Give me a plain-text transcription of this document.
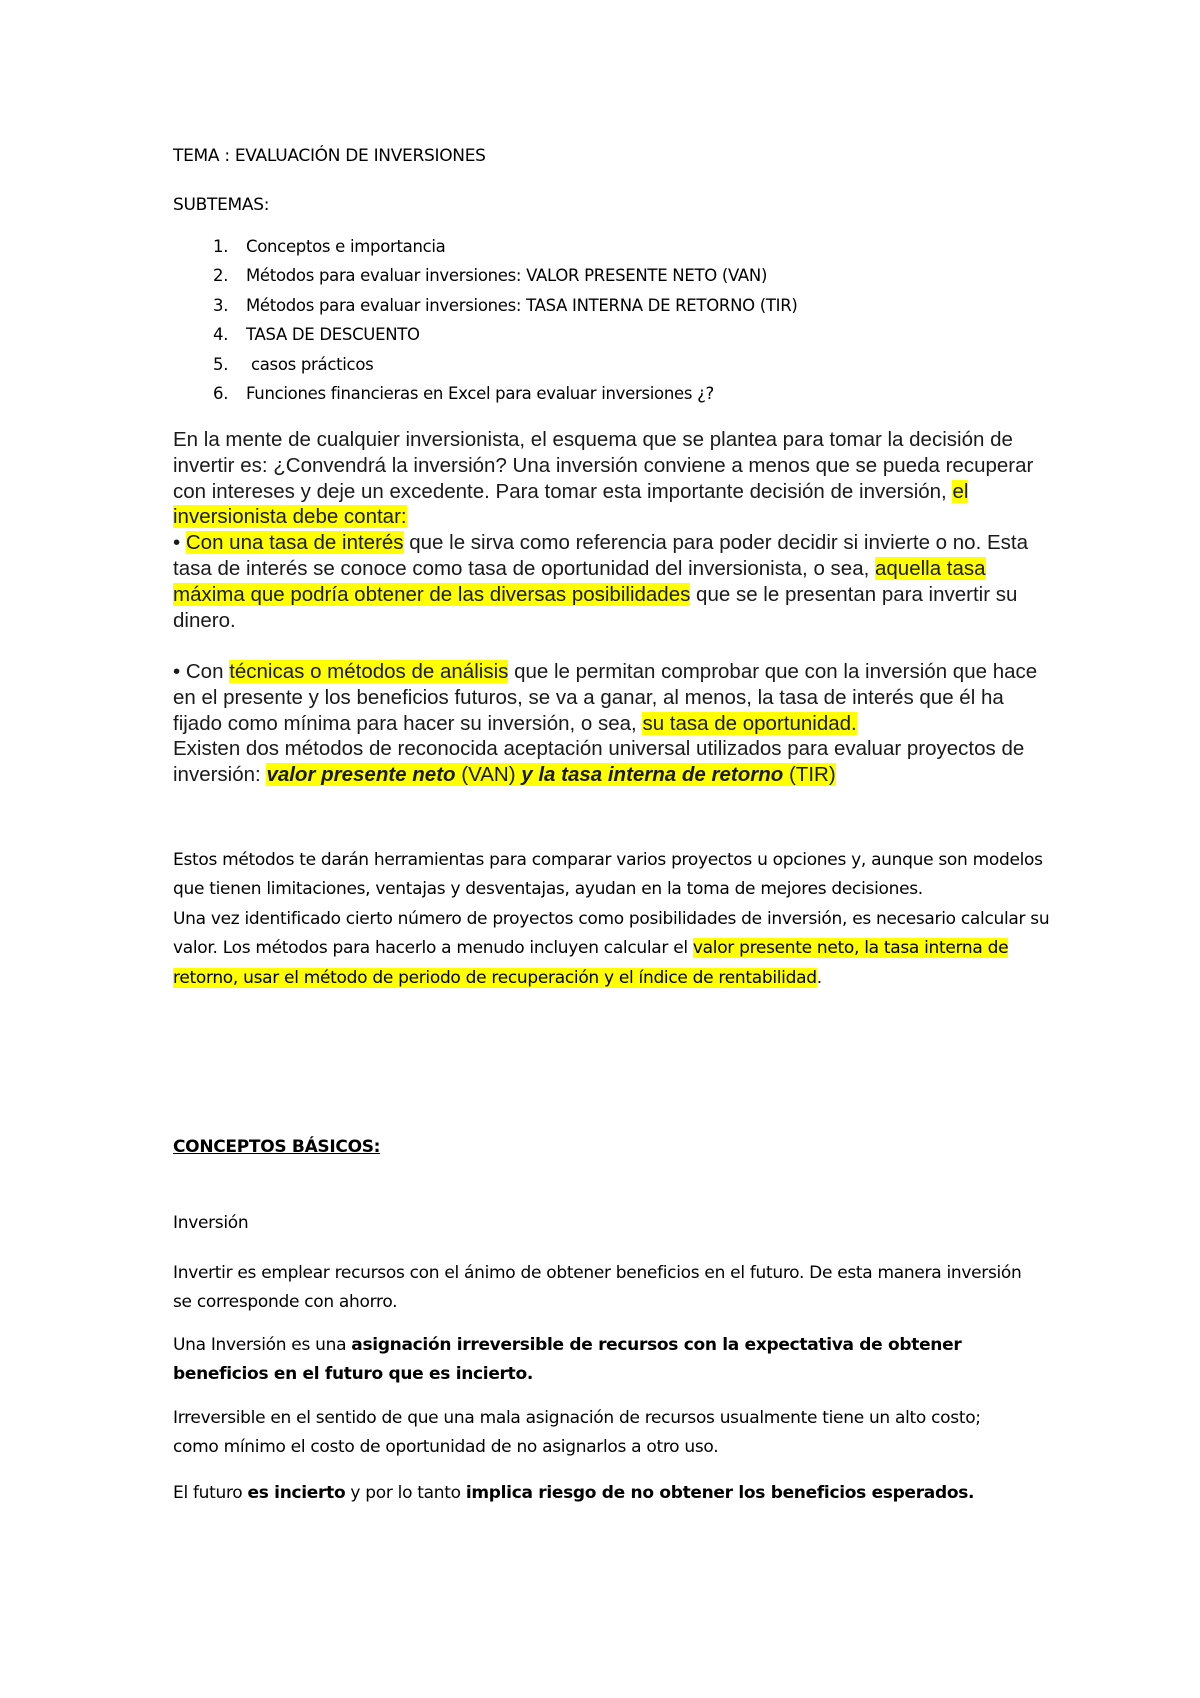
TEMA : EVALUACIÓN DE INVERSIONES
SUBTEMAS:
1. Conceptos e importancia
2. Métodos para evaluar inversiones: VALOR PRESENTE NETO (VAN)
3. Métodos para evaluar inversiones: TASA INTERNA DE RETORNO (TIR)
4. TASA DE DESCUENTO
5. casos prácticos
6. Funciones financieras en Excel para evaluar inversiones ¿?
En la mente de cualquier inversionista, el esquema que se plantea para tomar la decisión de invertir es: ¿Convendrá la inversión? Una inversión conviene a menos que se pueda recuperar con intereses y deje un excedente. Para tomar esta importante decisión de inversión, el inversionista debe contar:
• Con una tasa de interés que le sirva como referencia para poder decidir si invierte o no. Esta tasa de interés se conoce como tasa de oportunidad del inversionista, o sea, aquella tasa máxima que podría obtener de las diversas posibilidades que se le presentan para invertir su dinero.
• Con técnicas o métodos de análisis que le permitan comprobar que con la inversión que hace en el presente y los beneficios futuros, se va a ganar, al menos, la tasa de interés que él ha fijado como mínima para hacer su inversión, o sea, su tasa de oportunidad.
Existen dos métodos de reconocida aceptación universal utilizados para evaluar proyectos de inversión: valor presente neto (VAN) y la tasa interna de retorno (TIR)
Estos métodos te darán herramientas para comparar varios proyectos u opciones y, aunque son modelos que tienen limitaciones, ventajas y desventajas, ayudan en la toma de mejores decisiones.
Una vez identificado cierto número de proyectos como posibilidades de inversión, es necesario calcular su valor. Los métodos para hacerlo a menudo incluyen calcular el valor presente neto, la tasa interna de retorno, usar el método de periodo de recuperación y el índice de rentabilidad.
CONCEPTOS BÁSICOS:
Inversión

Invertir es emplear recursos con el ánimo de obtener beneficios en el futuro. De esta manera inversión se corresponde con ahorro.

Una Inversión es una asignación irreversible de recursos con la expectativa de obtener beneficios en el futuro que es incierto.

Irreversible en el sentido de que una mala asignación de recursos usualmente tiene un alto costo; como mínimo el costo de oportunidad de no asignarlos a otro uso.

El futuro es incierto y por lo tanto implica riesgo de no obtener los beneficios esperados.
